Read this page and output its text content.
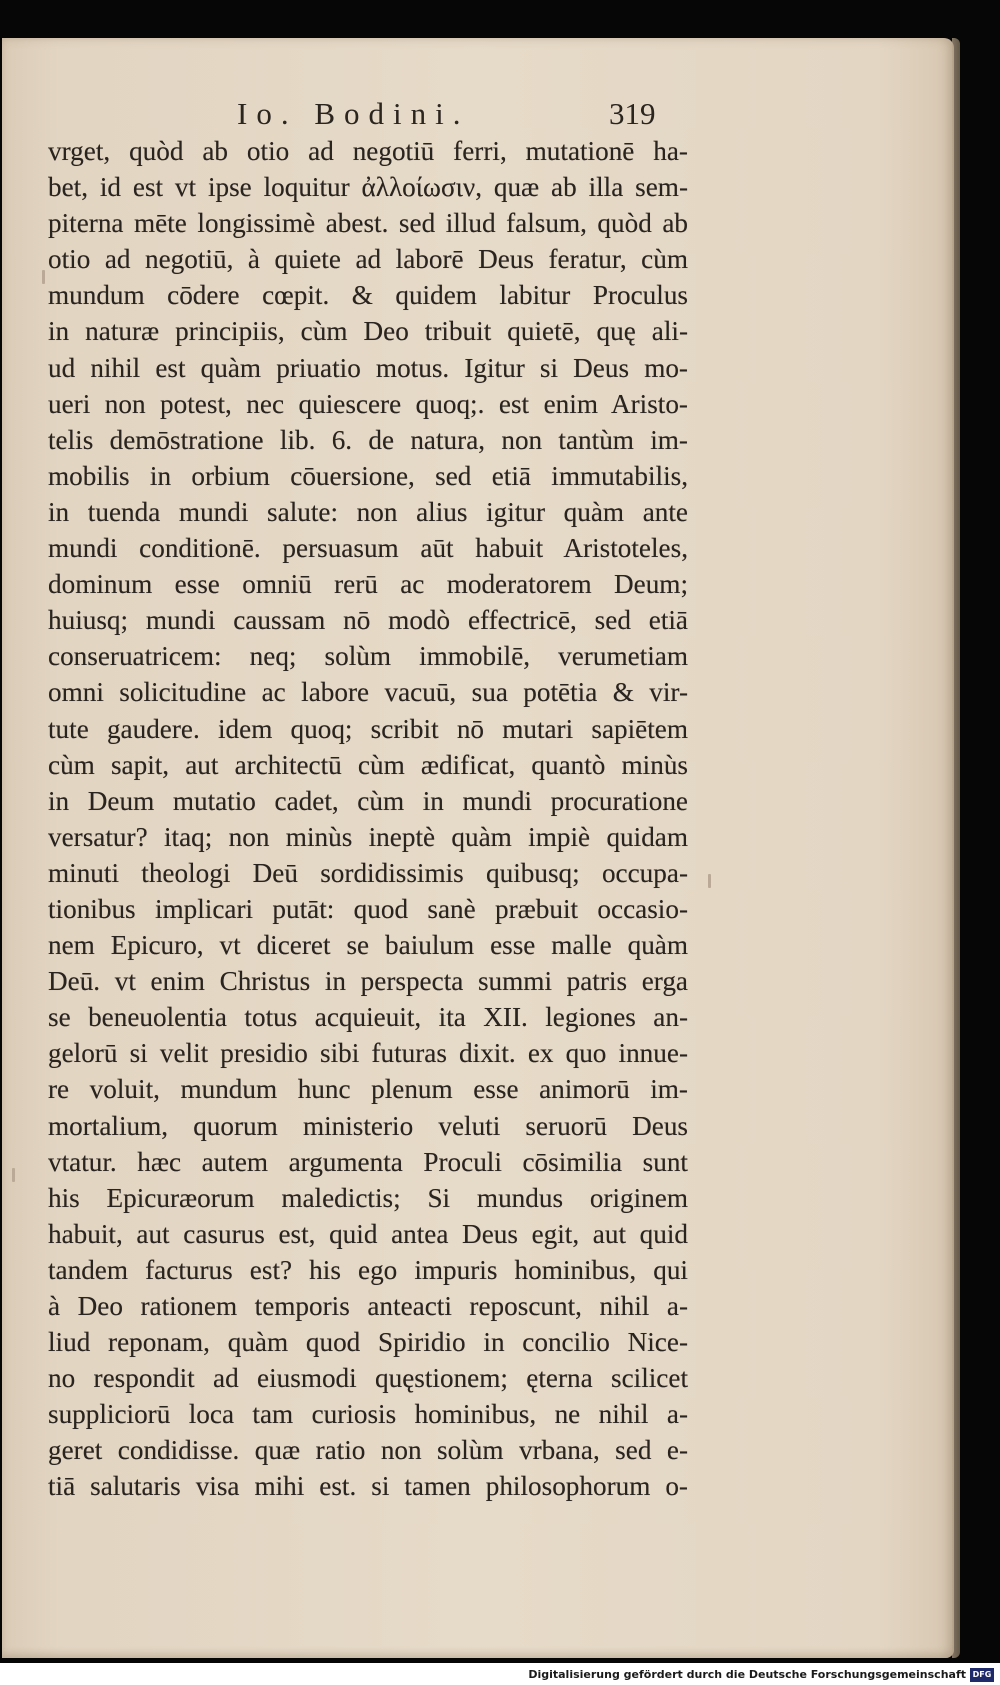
Io. Bodini.	319
vrget, quòd ab otio ad negotiū ferri, mutationē ha-
bet, id est vt ipse loquitur ἀλλοίωσιν, quæ ab illa sem-
piterna mēte longissimè abest. sed illud falsum, quòd ab
otio ad negotiū, à quiete ad laborē Deus feratur, cùm
mundum cōdere cœpit. & quidem labitur Proculus
in naturæ principiis, cùm Deo tribuit quietē, quę ali-
ud nihil est quàm priuatio motus. Igitur si Deus mo-
ueri non potest, nec quiescere quoq;. est enim Aristo-
telis demōstratione lib. 6. de natura, non tantùm im-
mobilis in orbium cōuersione, sed etiā immutabilis,
in tuenda mundi salute: non alius igitur quàm ante
mundi conditionē. persuasum aūt habuit Aristoteles,
dominum esse omniū rerū ac moderatorem Deum;
huiusq; mundi caussam nō modò effectricē, sed etiā
conseruatricem: neq; solùm immobilē, verumetiam
omni solicitudine ac labore vacuū, sua potētia & vir-
tute gaudere. idem quoq; scribit nō mutari sapiētem
cùm sapit, aut architectū cùm ædificat, quantò minùs
in Deum mutatio cadet, cùm in mundi procuratione
versatur? itaq; non minùs ineptè quàm impiè quidam
minuti theologi Deū sordidissimis quibusq; occupa-
tionibus implicari putāt: quod sanè præbuit occasio-
nem Epicuro, vt diceret se baiulum esse malle quàm
Deū. vt enim Christus in perspecta summi patris erga
se beneuolentia totus acquieuit, ita XII. legiones an-
gelorū si velit presidio sibi futuras dixit. ex quo innue-
re voluit, mundum hunc plenum esse animorū im-
mortalium, quorum ministerio veluti seruorū Deus
vtatur. hæc autem argumenta Proculi cōsimilia sunt
his Epicuræorum maledictis; Si mundus originem
habuit, aut casurus est, quid antea Deus egit, aut quid
tandem facturus est? his ego impuris hominibus, qui
à Deo rationem temporis anteacti reposcunt, nihil a-
liud reponam, quàm quod Spiridio in concilio Nice-
no respondit ad eiusmodi quęstionem; ęterna scilicet
suppliciorū loca tam curiosis hominibus, ne nihil a-
geret condidisse. quæ ratio non solùm vrbana, sed e-
tiā salutaris visa mihi est. si tamen philosophorum o-
Digitalisierung gefördert durch die Deutsche Forschungsgemeinschaft DFG
